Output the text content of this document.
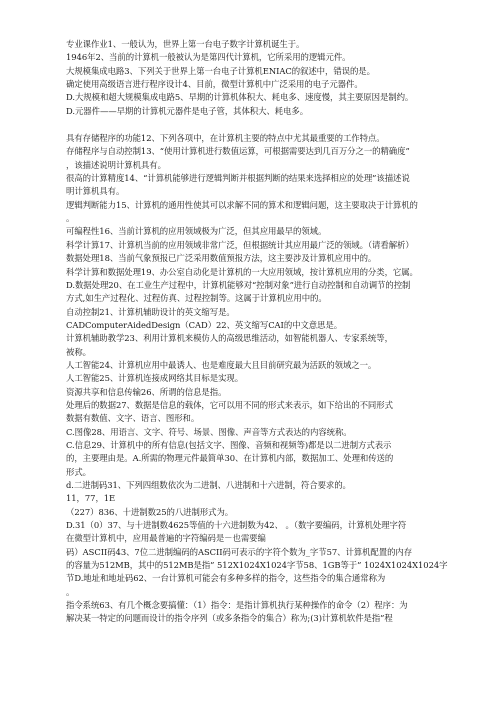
专业课作业1、一般认为，世界上第一台电子数字计算机诞生于。
1946年2、当前的计算机一般被认为是第四代计算机，它所采用的逻辑元件。
大规模集成电路3、下列关于世界上第一台电子计算机ENIAC的叙述中，错误的是。
确定使用高级语言进行程序设计4、目前，微型计算机中广泛采用的电子元器件。
D.大规模和超大规模集成电路5、早期的计算机体积大、耗电多、速度慢，其主要原因是制约。
D.元器件——早期的计算机元器件是电子管，其体积大、耗电多。
具有存储程序的功能12、下列各项中，在计算机主要的特点中尤其最重要的工作特点。
存储程序与自动控制13、“使用计算机进行数值运算，可根据需要达到几百万分之一的精确度”
，该描述说明计算机具有。
很高的计算精度14、“计算机能够进行逻辑判断并根据判断的结果来选择相应的处理”该描述说
明计算机具有。
逻辑判断能力15、计算机的通用性使其可以求解不同的算术和逻辑问题，这主要取决于计算机的
。
可编程性16、当前计算机的应用领域极为广泛，但其应用最早的领域。
科学计算17、计算机当前的应用领域非常广泛，但根据统计其应用最广泛的领域。（请看解析）
数据处理18、当前气象预报已广泛采用数值预报方法，这主要涉及计算机应用中的。
科学计算和数据处理19、办公室自动化是计算机的一大应用领域，按计算机应用的分类，它属。
D.数据处理20、在工业生产过程中，计算机能够对“控制对象”进行自动控制和自动调节的控制
方式,如生产过程化、过程仿真、过程控制等。这属于计算机应用中的。
自动控制21、计算机辅助设计的英文缩写是。
CADComputerAidedDesign（CAD）22、英文缩写CAI的中文意思是。
计算机辅助教学23、利用计算机来模仿人的高级思维活动，如智能机器人、专家系统等，
被称。
人工智能24、计算机应用中最诱人、也是难度最大且目前研究最为活跃的领域之一。
人工智能25、计算机连接成网络其目标是实现。
资源共享和信息传输26、所谓的信息是指。
处理后的数据27、数据是信息的载体，它可以用不同的形式来表示，如下给出的不同形式
数据有数值、文字、语言、图形和。
C.图像28、用语言、文字、符号、场景、图像、声音等方式表达的内容统称。
C.信息29、计算机中的所有信息(包括文字、图像、音频和视频等)都是以二进制方式表示
的，主要理由是。A.所需的物理元件最简单30、在计算机内部，数据加工、处理和传送的
形式。
d.二进制码31、下列四组数依次为二进制、八进制和十六进制，符合要求的。
11，77，1E
（227）836、十进制数25的八进制形式为。
D.31（0）37、与十进制数4625等值的十六进制数为42、 。（数字要编码，计算机处理字符
在微型计算机中，应用最普遍的字符编码是－也需要编
码）ASCII码43、7位二进制编码的ASCII码可表示的字符个数为_字节57、计算机配置的内存
的容量为512MB，其中的512MB是指” 512X1024X1024字节58、1GB等于” 1024X1024X1024字
节D.地址和地址码62、一台计算机可能会有多种多样的指令，这些指令的集合通常称为
。
指令系统63、有几个概念要搞懂：（1）指令：是指计算机执行某种操作的命令（2）程序：为
解决某一特定的问题而设计的指令序列（或多条指令的集合）称为;(3)计算机软件是指”程
